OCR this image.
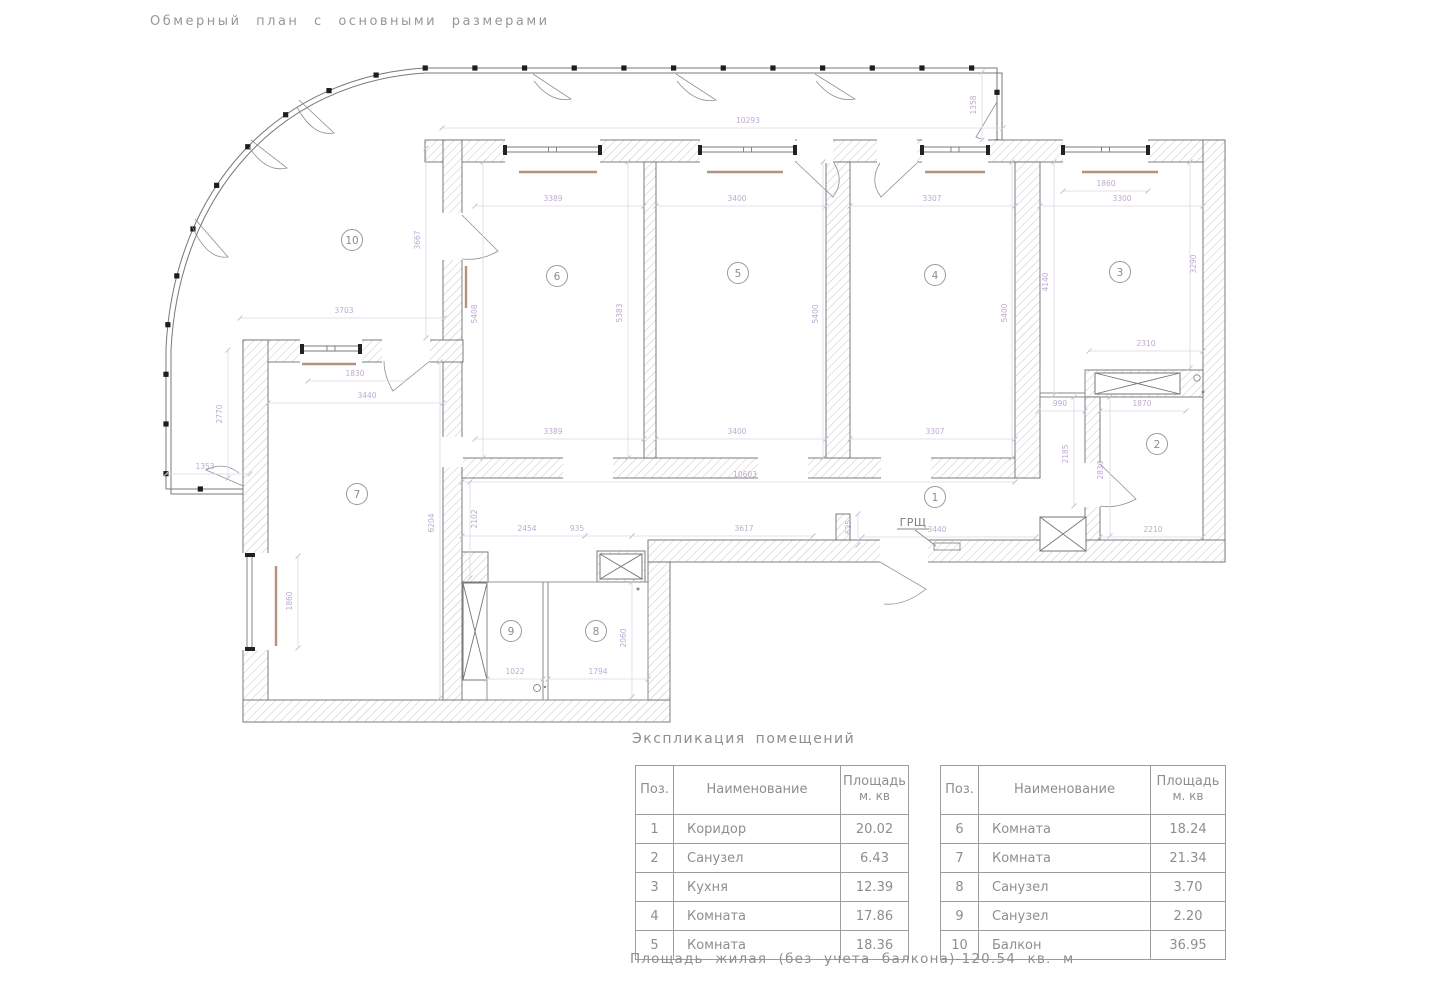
Обмерный план с основными размерами
10293
1358
3667
3703
2770
1353
3389	3400	3307
1860
3300
5408	5383	5400	5400
4140
3290
2310
3389	3400	3307
990	1870
1830
3440
6204
1860
10603
2102	2454	935	3617	625	3440
2185
2830
2210
1022	1794
2060
1
2
3
4
5
6
7
8
9
10
ГРЩ
Экспликация помещений
Поз.	Наименование	Площадь
м. кв
1	Коридор	20.02
2	Санузел	6.43
3	Кухня	12.39
4	Комната	17.86
5	Комната	18.36
Поз.	Наименование	Площадь
м. кв
6	Комната	18.24
7	Комната	21.34
8	Санузел	3.70
9	Санузел	2.20
10	Балкон	36.95
Площадь жилая (без учета балкона)-120.54 кв. м
